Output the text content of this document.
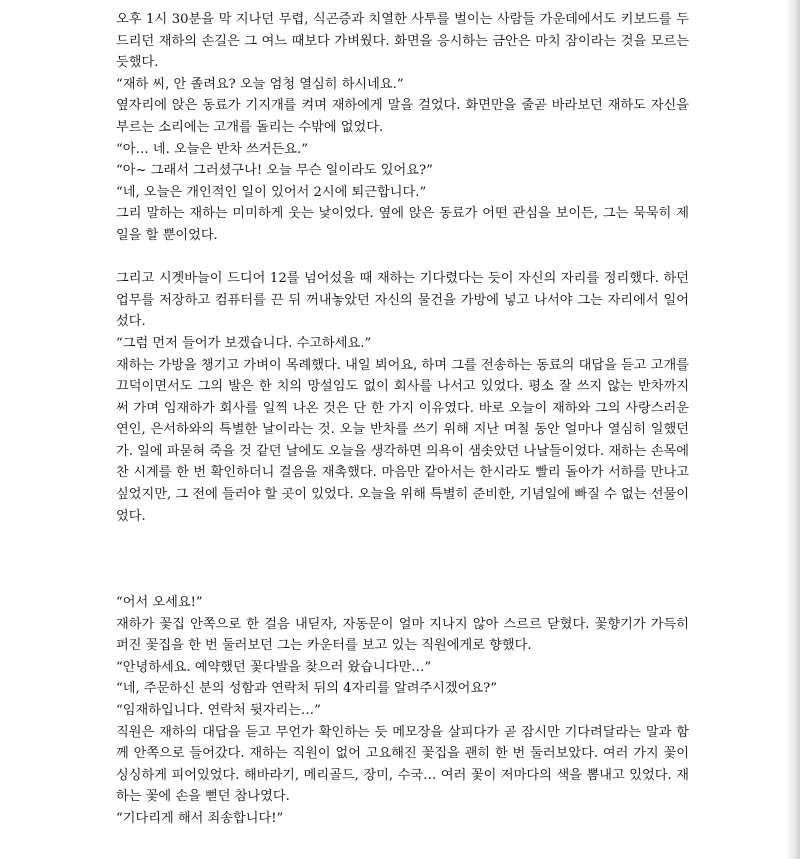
오후 1시 30분을 막 지나던 무렵, 식곤증과 치열한 사투를 벌이는 사람들 가운데에서도 키보드를 두드리던 재하의 손길은 그 여느 때보다 가벼웠다. 화면을 응시하는 금안은 마치 잠이라는 것을 모르는 듯했다.

“재하 씨, 안 졸려요? 오늘 엄청 열심히 하시네요.”

옆자리에 앉은 동료가 기지개를 켜며 재하에게 말을 걸었다. 화면만을 줄곧 바라보던 재하도 자신을 부르는 소리에는 고개를 돌리는 수밖에 없었다.

“아… 네. 오늘은 반차 쓰거든요.”

“아~ 그래서 그러셨구나! 오늘 무슨 일이라도 있어요?”

“네, 오늘은 개인적인 일이 있어서 2시에 퇴근합니다.”

그리 말하는 재하는 미미하게 웃는 낯이었다. 옆에 앉은 동료가 어떤 관심을 보이든, 그는 묵묵히 제 일을 할 뿐이었다.

그리고 시곗바늘이 드디어 12를 넘어섰을 때 재하는 기다렸다는 듯이 자신의 자리를 정리했다. 하던 업무를 저장하고 컴퓨터를 끈 뒤 꺼내놓았던 자신의 물건을 가방에 넣고 나서야 그는 자리에서 일어섰다.

“그럼 먼저 들어가 보겠습니다. 수고하세요.”

재하는 가방을 챙기고 가벼이 목례했다. 내일 뵈어요, 하며 그를 전송하는 동료의 대답을 듣고 고개를 끄덕이면서도 그의 발은 한 치의 망설임도 없이 회사를 나서고 있었다. 평소 잘 쓰지 않는 반차까지 써 가며 임재하가 회사를 일찍 나온 것은 단 한 가지 이유였다. 바로 오늘이 재하와 그의 사랑스러운 연인, 은서하와의 특별한 날이라는 것. 오늘 반차를 쓰기 위해 지난 며칠 동안 얼마나 열심히 일했던가. 일에 파묻혀 죽을 것 같던 날에도 오늘을 생각하면 의욕이 샘솟았던 나날들이었다. 재하는 손목에 찬 시계를 한 번 확인하더니 걸음을 재촉했다. 마음만 같아서는 한시라도 빨리 돌아가 서하를 만나고 싶었지만, 그 전에 들러야 할 곳이 있었다. 오늘을 위해 특별히 준비한, 기념일에 빠질 수 없는 선물이었다.

“어서 오세요!”

재하가 꽃집 안쪽으로 한 걸음 내딛자, 자동문이 얼마 지나지 않아 스르르 닫혔다. 꽃향기가 가득히 퍼진 꽃집을 한 번 둘러보던 그는 카운터를 보고 있는 직원에게로 향했다.

“안녕하세요. 예약했던 꽃다발을 찾으러 왔습니다만…”

“네, 주문하신 분의 성함과 연락처 뒤의 4자리를 알려주시겠어요?”

“임재하입니다. 연락처 뒷자리는…”

직원은 재하의 대답을 듣고 무언가 확인하는 듯 메모장을 살피다가 곧 잠시만 기다려달라는 말과 함께 안쪽으로 들어갔다. 재하는 직원이 없어 고요해진 꽃집을 괜히 한 번 둘러보았다. 여러 가지 꽃이 싱싱하게 피어있었다. 해바라기, 메리골드, 장미, 수국… 여러 꽃이 저마다의 색을 뽐내고 있었다. 재하는 꽃에 손을 뻗던 참나였다.

“기다리게 해서 죄송합니다!”
